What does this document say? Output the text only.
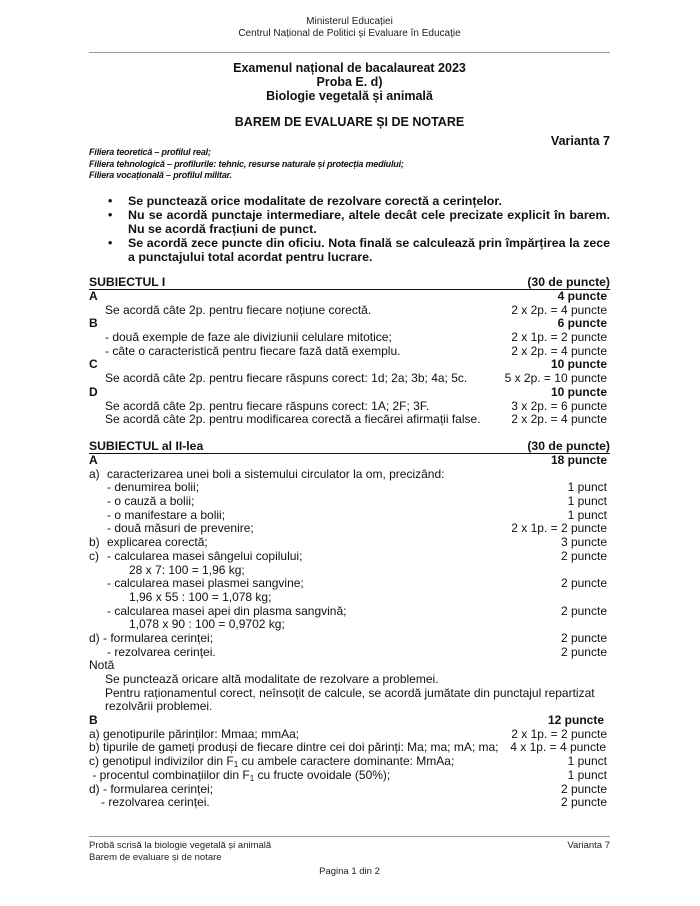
Ministerul Educației
Centrul Național de Politici și Evaluare în Educație
Examenul național de bacalaureat 2023
Proba E. d)
Biologie vegetală și animală
BAREM DE EVALUARE ȘI DE NOTARE
Varianta 7
Filiera teoretică – profilul real;
Filiera tehnologică – profilurile: tehnic, resurse naturale și protecția mediului;
Filiera vocațională – profilul militar.
• Se punctează orice modalitate de rezolvare corectă a cerințelor.
• Nu se acordă punctaje intermediare, altele decât cele precizate explicit în barem. Nu se acordă fracțiuni de punct.
• Se acordă zece puncte din oficiu. Nota finală se calculează prin împărțirea la zece a punctajului total acordat pentru lucrare.
SUBIECTUL I	(30 de puncte)
A	4 puncte
Se acordă câte 2p. pentru fiecare noțiune corectă.	2 x 2p. = 4 puncte
B	6 puncte
- două exemple de faze ale diviziunii celulare mitotice;	2 x 1p. = 2 puncte
- câte o caracteristică pentru fiecare fază dată exemplu.	2 x 2p. = 4 puncte
C	10 puncte
Se acordă câte 2p. pentru fiecare răspuns corect: 1d; 2a; 3b; 4a; 5c.	5 x 2p. = 10 puncte
D	10 puncte
Se acordă câte 2p. pentru fiecare răspuns corect: 1A; 2F; 3F.	3 x 2p. = 6 puncte
Se acordă câte 2p. pentru modificarea corectă a fiecărei afirmații false.	2 x 2p. = 4 puncte
SUBIECTUL al II-lea	(30 de puncte)
A	18 puncte
a) caracterizarea unei boli a sistemului circulator la om, precizând:
- denumirea bolii;	1 punct
- o cauză a bolii;	1 punct
- o manifestare a bolii;	1 punct
- două măsuri de prevenire;	2 x 1p. = 2 puncte
b) explicarea corectă;	3 puncte
c) - calcularea masei sângelui copilului;	2 puncte
28 x 7: 100 = 1,96 kg;
- calcularea masei plasmei sangvine;	2 puncte
1,96 x 55 : 100 = 1,078 kg;
- calcularea masei apei din plasma sangvină;	2 puncte
1,078 x 90 : 100 = 0,9702 kg;
d) - formularea cerinței;	2 puncte
- rezolvarea cerinței.	2 puncte
Notă
Se punctează oricare altă modalitate de rezolvare a problemei.
Pentru raționamentul corect, neînsoțit de calcule, se acordă jumătate din punctajul repartizat
rezolvării problemei.
B	12 puncte
a) genotipurile părinților: Mmaa; mmAa;	2 x 1p. = 2 puncte
b) tipurile de gameți produși de fiecare dintre cei doi părinți: Ma; ma; mA; ma; 4 x 1p. = 4 puncte
c) genotipul indivizilor din $F_1$ cu ambele caractere dominante: MmAa;	1 punct
- procentul combinațiilor din $F_1$ cu fructe ovoidale (50%);	1 punct
d) - formularea cerinței;	2 puncte
- rezolvarea cerinței.	2 puncte
Probă scrisă la biologie vegetală și animală
Barem de evaluare și de notare
Varianta 7
Pagina 1 din 2
